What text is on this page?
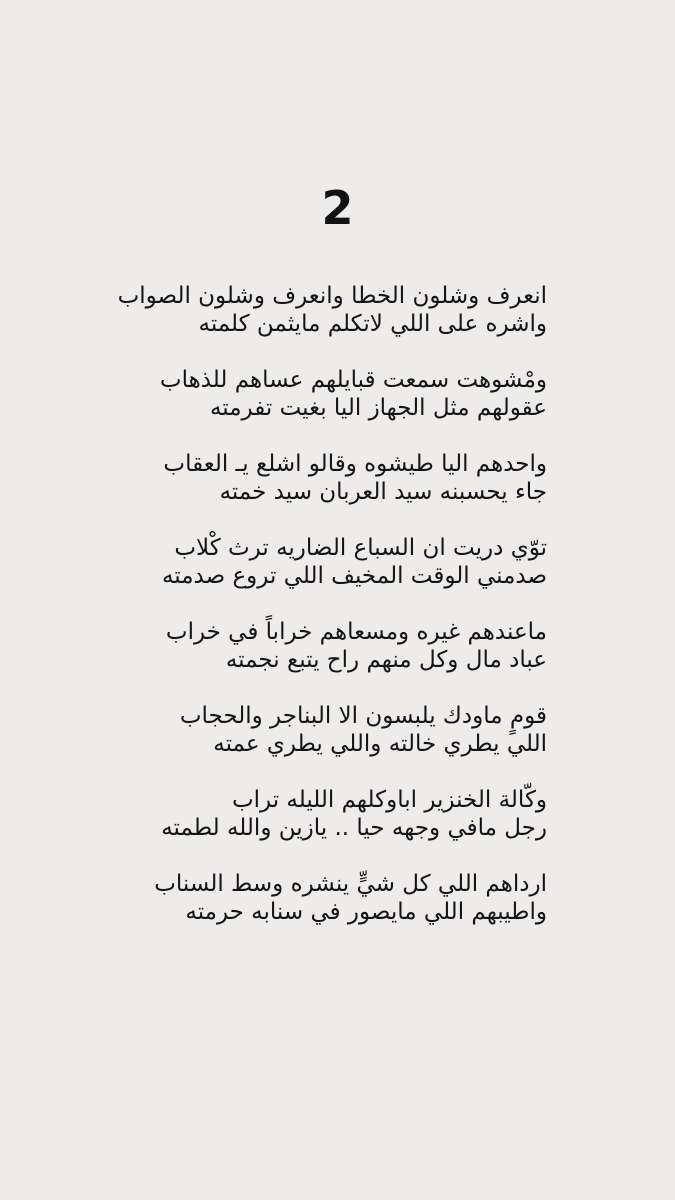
2
انعرف وشلون الخطا وانعرف وشلون الصواب
واشره على اللي لاتكلم مايثمن كلمته
ومْشوهت سمعت قبايلهم عساهم للذهاب
عقولهم مثل الجهاز اليا بغيت تفرمته
واحدهم اليا طيشوه وقالو اشلع يـ العقاب
جاء يحسبنه سيد العربان سيد خمته
توّي دريت ان السباع الضاريه ترث كْلاب
صدمني الوقت المخيف اللي تروع صدمته
ماعندهم غيره ومسعاهم خراباً في خراب
عباد مال وكل منهم راح يتبع نجمته
قومٍ ماودك يلبسون الا البناجر والحجاب
اللي يطري خالته واللي يطري عمته
وكّالة الخنزير اباوكلهم الليله تراب
رجل مافي وجهه حيا .. يازين والله لطمته
ارداهم اللي كل شيٍّ ينشره وسط السناب
واطيبهم اللي مايصور في سنابه حرمته
